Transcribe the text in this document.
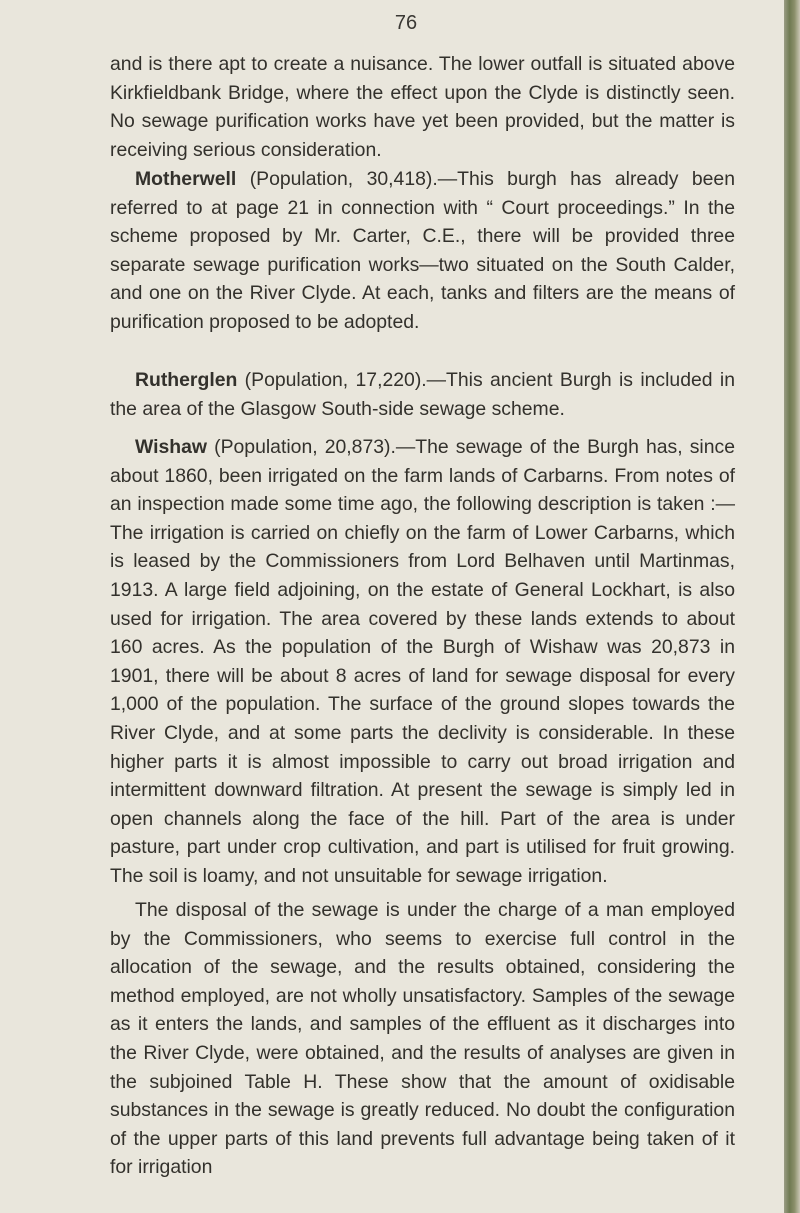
76

and is there apt to create a nuisance. The lower outfall is situated above Kirkfieldbank Bridge, where the effect upon the Clyde is distinctly seen. No sewage purification works have yet been provided, but the matter is receiving serious consideration.

Motherwell (Population, 30,418).—This burgh has already been referred to at page 21 in connection with “ Court proceedings.” In the scheme proposed by Mr. Carter, C.E., there will be provided three separate sewage purification works—two situated on the South Calder, and one on the River Clyde. At each, tanks and filters are the means of purification proposed to be adopted.

Rutherglen (Population, 17,220).—This ancient Burgh is included in the area of the Glasgow South-side sewage scheme.

Wishaw (Population, 20,873).—The sewage of the Burgh has, since about 1860, been irrigated on the farm lands of Carbarns. From notes of an inspection made some time ago, the following description is taken :—The irrigation is carried on chiefly on the farm of Lower Carbarns, which is leased by the Commissioners from Lord Belhaven until Martinmas, 1913. A large field adjoining, on the estate of General Lockhart, is also used for irrigation. The area covered by these lands extends to about 160 acres. As the population of the Burgh of Wishaw was 20,873 in 1901, there will be about 8 acres of land for sewage disposal for every 1,000 of the population. The surface of the ground slopes towards the River Clyde, and at some parts the declivity is considerable. In these higher parts it is almost impossible to carry out broad irrigation and intermittent downward filtration. At present the sewage is simply led in open channels along the face of the hill. Part of the area is under pasture, part under crop cultivation, and part is utilised for fruit growing. The soil is loamy, and not unsuitable for sewage irrigation.

The disposal of the sewage is under the charge of a man employed by the Commissioners, who seems to exercise full control in the allocation of the sewage, and the results obtained, considering the method employed, are not wholly unsatisfactory. Samples of the sewage as it enters the lands, and samples of the effluent as it discharges into the River Clyde, were obtained, and the results of analyses are given in the subjoined Table H. These show that the amount of oxidisable substances in the sewage is greatly reduced. No doubt the configuration of the upper parts of this land prevents full advantage being taken of it for irrigation
